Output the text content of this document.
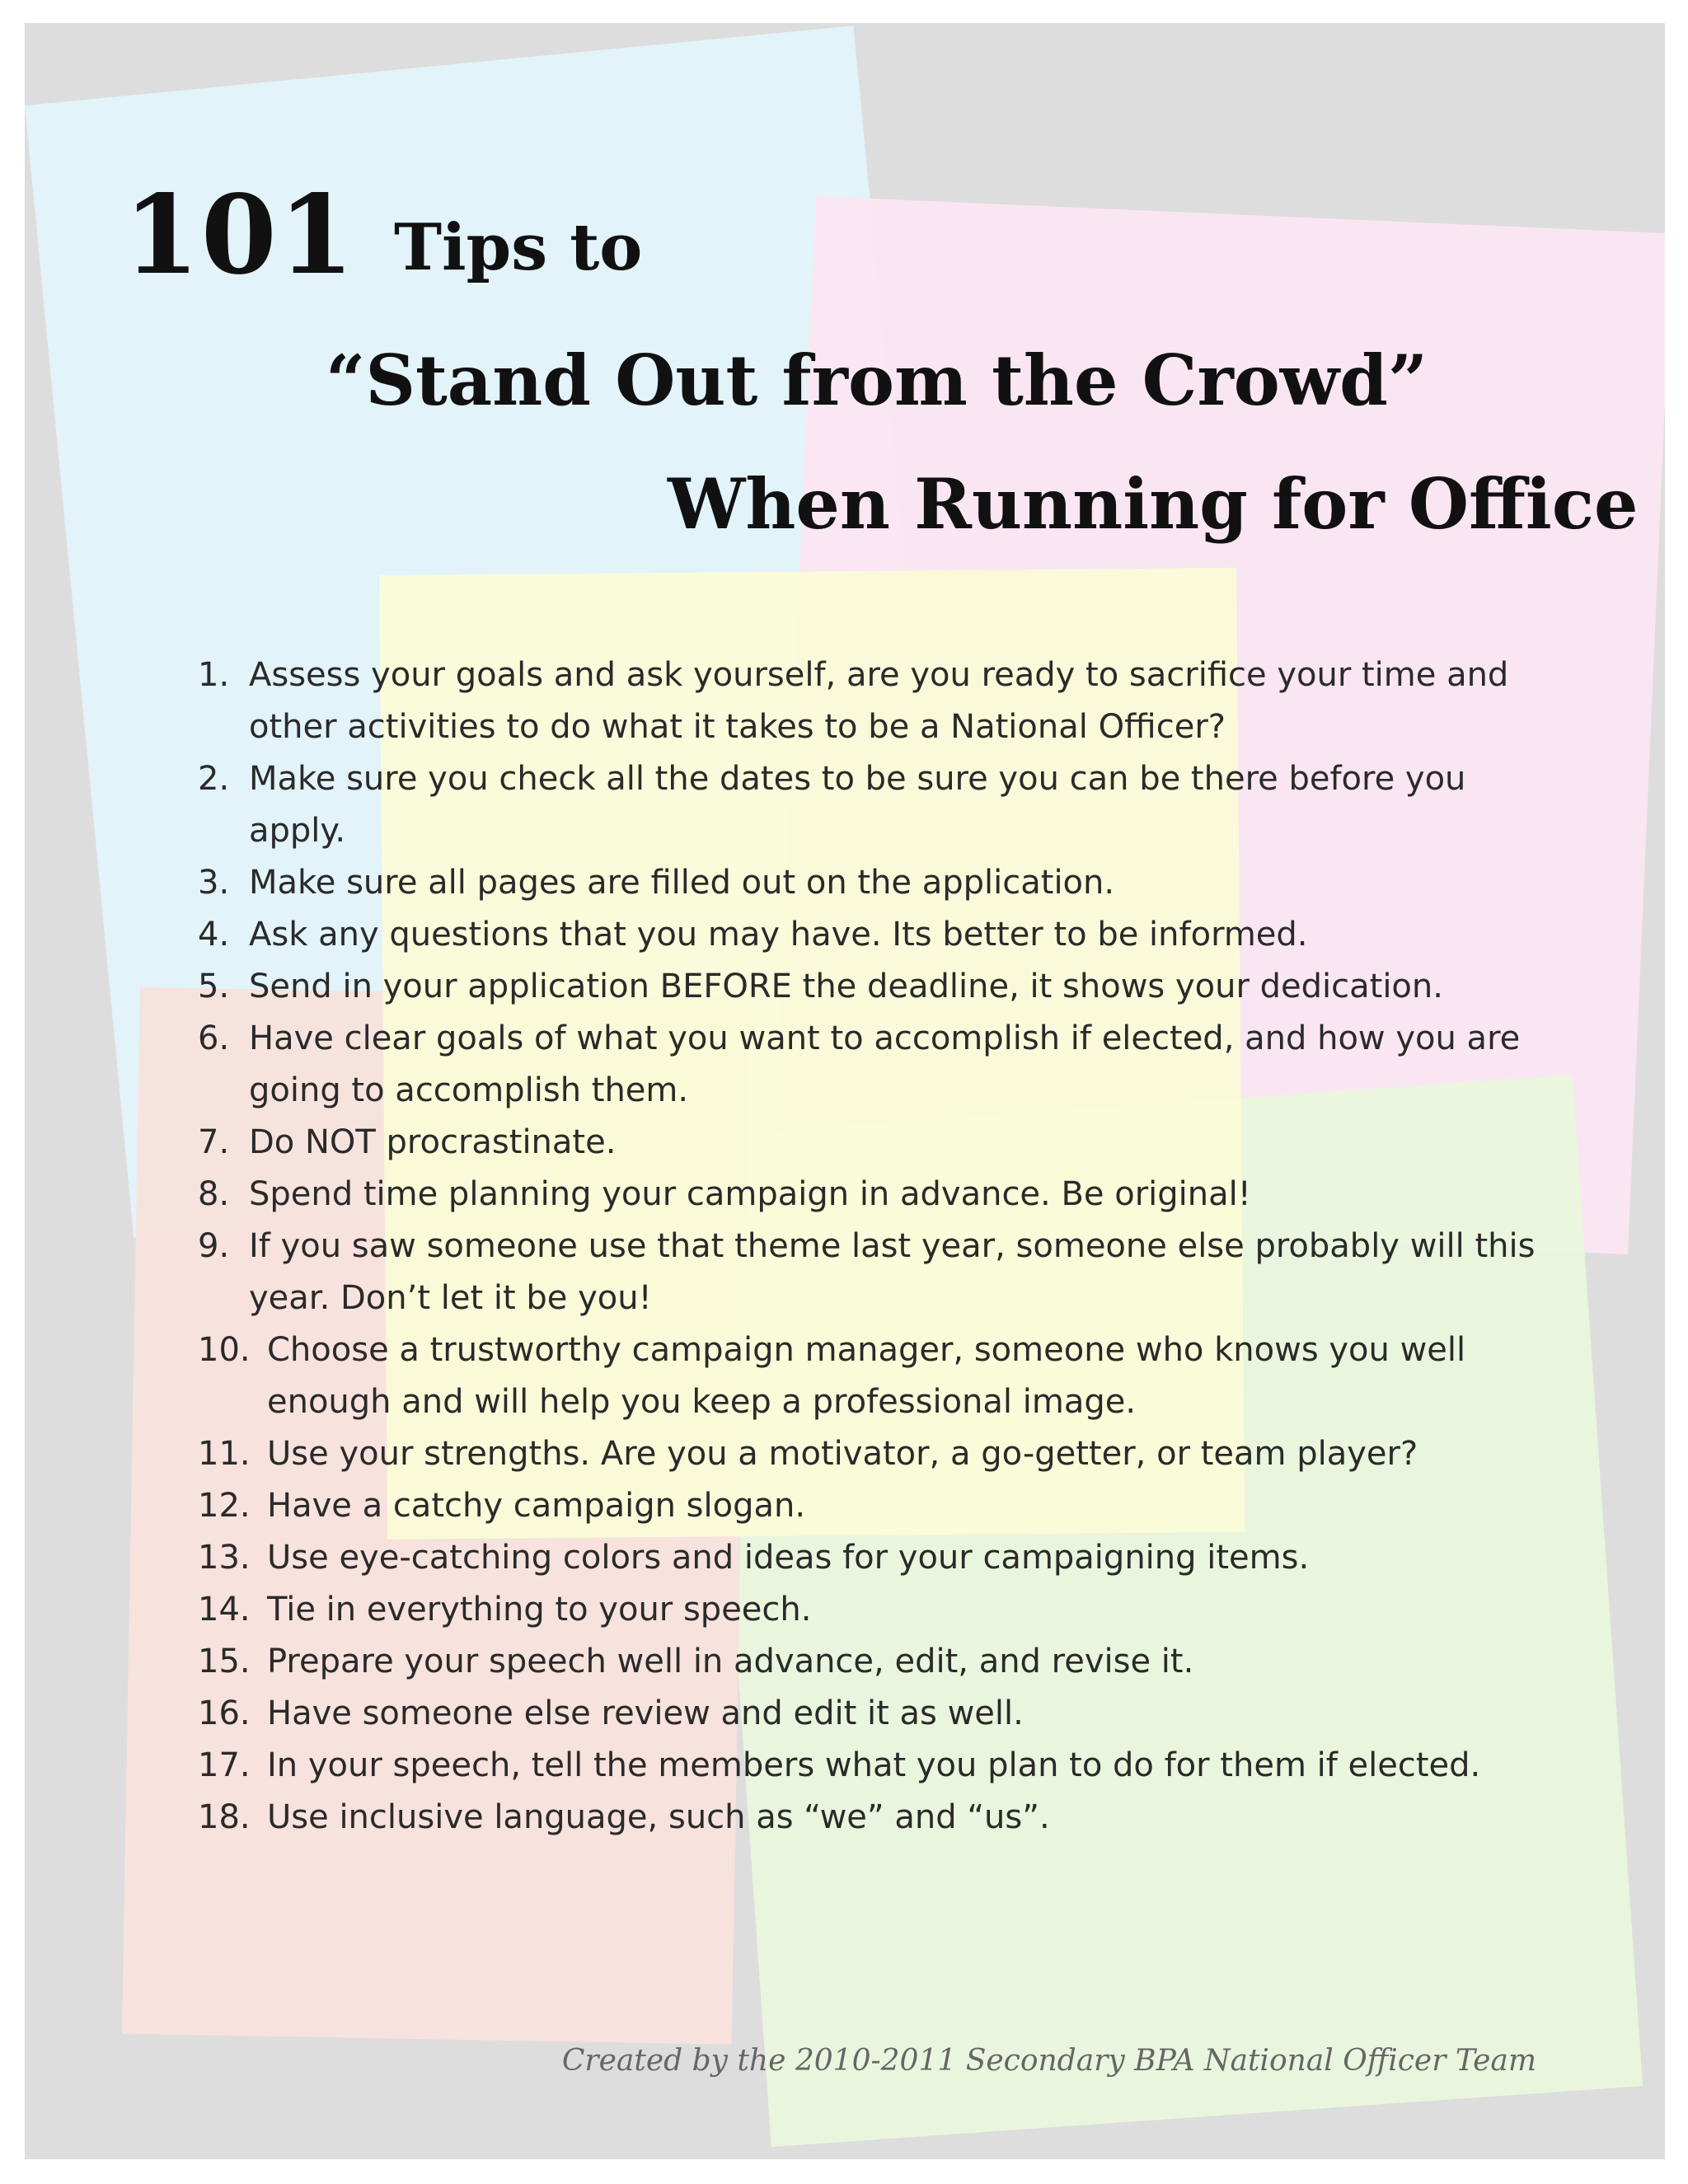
101 Tips to
“Stand Out from the Crowd”
When Running for Office
1. Assess your goals and ask yourself, are you ready to sacrifice your time and other activities to do what it takes to be a National Officer?
2. Make sure you check all the dates to be sure you can be there before you apply.
3. Make sure all pages are filled out on the application.
4. Ask any questions that you may have. Its better to be informed.
5. Send in your application BEFORE the deadline, it shows your dedication.
6. Have clear goals of what you want to accomplish if elected, and how you are going to accomplish them.
7. Do NOT procrastinate.
8. Spend time planning your campaign in advance. Be original!
9. If you saw someone use that theme last year, someone else probably will this year. Don’t let it be you!
10. Choose a trustworthy campaign manager, someone who knows you well enough and will help you keep a professional image.
11. Use your strengths. Are you a motivator, a go-getter, or team player?
12. Have a catchy campaign slogan.
13. Use eye-catching colors and ideas for your campaigning items.
14. Tie in everything to your speech.
15. Prepare your speech well in advance, edit, and revise it.
16. Have someone else review and edit it as well.
17. In your speech, tell the members what you plan to do for them if elected.
18. Use inclusive language, such as “we” and “us”.
Created by the 2010-2011 Secondary BPA National Officer Team
